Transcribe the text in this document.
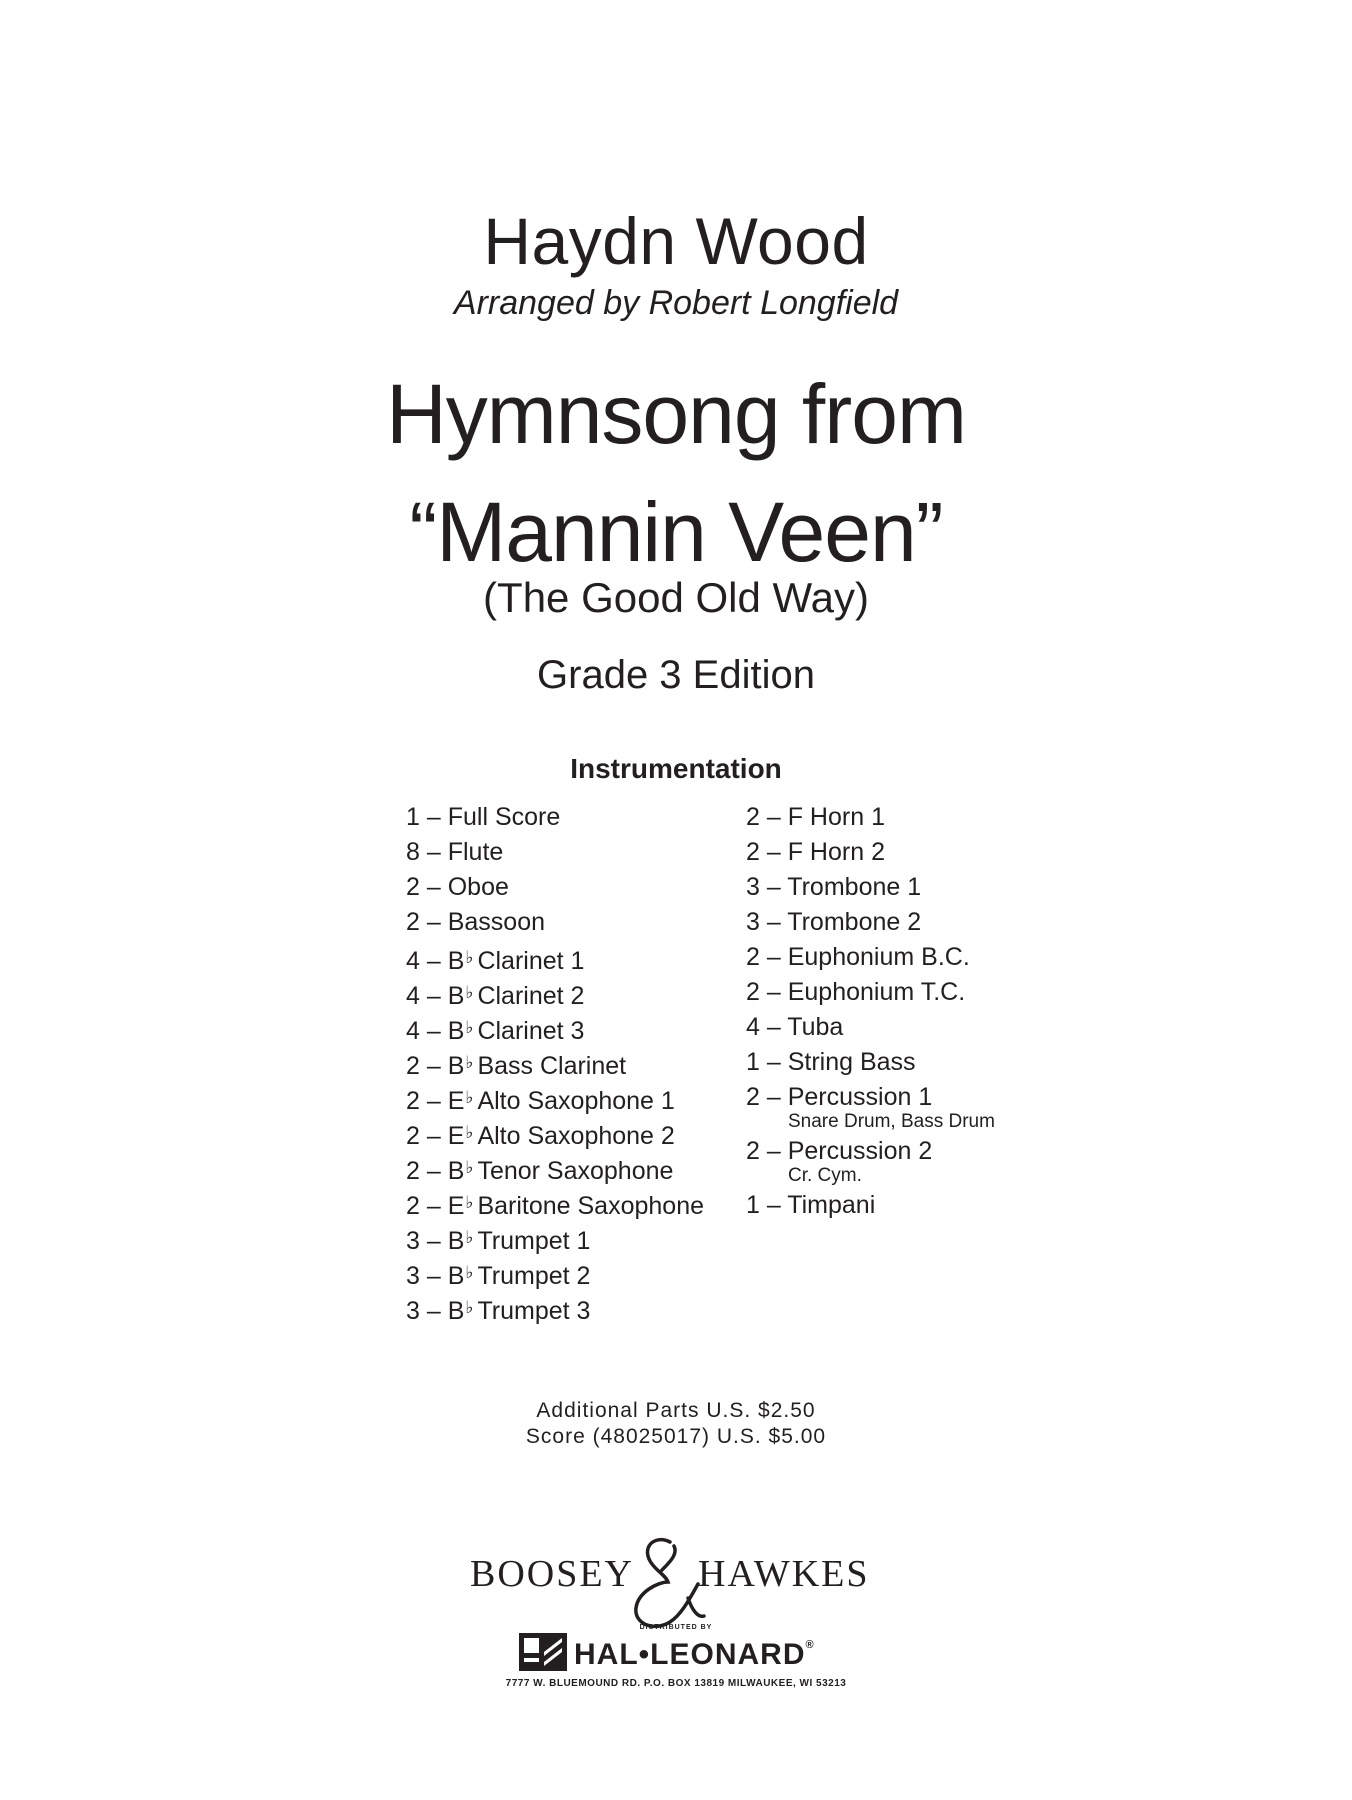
Haydn Wood
Arranged by Robert Longfield
Hymnsong from
“Mannin Veen”
(The Good Old Way)
Grade 3 Edition
Instrumentation
1 – Full Score
8 – Flute
2 – Oboe
2 – Bassoon
4 – B♭ Clarinet 1
4 – B♭ Clarinet 2
4 – B♭ Clarinet 3
2 – B♭ Bass Clarinet
2 – E♭ Alto Saxophone 1
2 – E♭ Alto Saxophone 2
2 – B♭ Tenor Saxophone
2 – E♭ Baritone Saxophone
3 – B♭ Trumpet 1
3 – B♭ Trumpet 2
3 – B♭ Trumpet 3
2 – F Horn 1
2 – F Horn 2
3 – Trombone 1
3 – Trombone 2
2 – Euphonium B.C.
2 – Euphonium T.C.
4 – Tuba
1 – String Bass
2 – Percussion 1
Snare Drum, Bass Drum
2 – Percussion 2
Cr. Cym.
1 – Timpani
Additional Parts U.S. $2.50
Score (48025017) U.S. $5.00
BOOSEY HAWKES
DISTRIBUTED BY
HAL•LEONARD®
7777 W. BLUEMOUND RD. P.O. BOX 13819 MILWAUKEE, WI 53213
